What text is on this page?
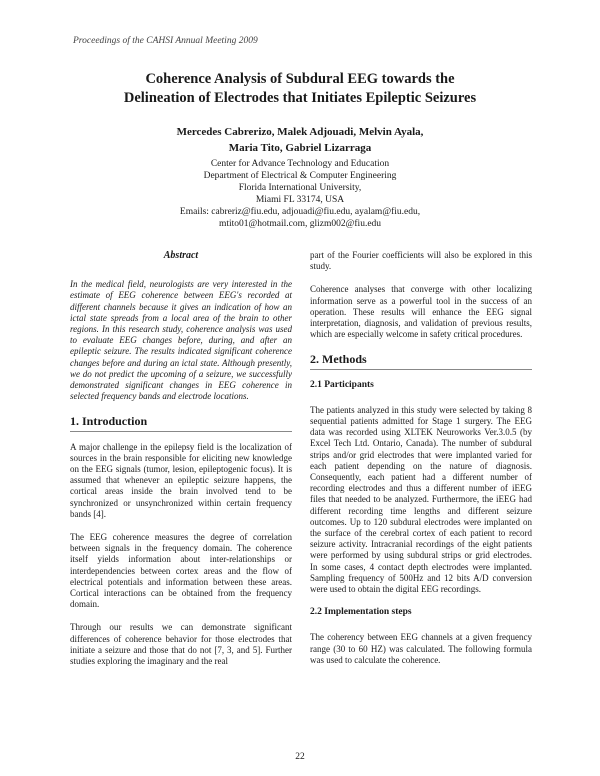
Proceedings of the CAHSI Annual Meeting 2009
Coherence Analysis of Subdural EEG towards the
Delineation of Electrodes that Initiates Epileptic Seizures
Mercedes Cabrerizo, Malek Adjouadi, Melvin Ayala,
Maria Tito, Gabriel Lizarraga
Center for Advance Technology and Education
Department of Electrical & Computer Engineering
Florida International University,
Miami FL 33174, USA
Emails: cabreriz@fiu.edu, adjouadi@fiu.edu, ayalam@fiu.edu,
mtito01@hotmail.com, glizm002@fiu.edu
Abstract

In the medical field, neurologists are very interested in the estimate of EEG coherence between EEG's recorded at different channels because it gives an indication of how an ictal state spreads from a local area of the brain to other regions. In this research study, coherence analysis was used to evaluate EEG changes before, during, and after an epileptic seizure. The results indicated significant coherence changes before and during an ictal state. Although presently, we do not predict the upcoming of a seizure, we successfully demonstrated significant changes in EEG coherence in selected frequency bands and electrode locations.

1. Introduction

A major challenge in the epilepsy field is the localization of sources in the brain responsible for eliciting new knowledge on the EEG signals (tumor, lesion, epileptogenic focus). It is assumed that whenever an epileptic seizure happens, the cortical areas inside the brain involved tend to be synchronized or unsynchronized within certain frequency bands [4].

The EEG coherence measures the degree of correlation between signals in the frequency domain. The coherence itself yields information about inter-relationships or interdependencies between cortex areas and the flow of electrical potentials and information between these areas. Cortical interactions can be obtained from the frequency domain.

Through our results we can demonstrate significant differences of coherence behavior for those electrodes that initiate a seizure and those that do not [7, 3, and 5]. Further studies exploring the imaginary and the real

part of the Fourier coefficients will also be explored in this study.

Coherence analyses that converge with other localizing information serve as a powerful tool in the success of an operation. These results will enhance the EEG signal interpretation, diagnosis, and validation of previous results, which are especially welcome in safety critical procedures.

2. Methods
2.1 Participants

The patients analyzed in this study were selected by taking 8 sequential patients admitted for Stage 1 surgery. The EEG data was recorded using XLTEK Neuroworks Ver.3.0.5 (by Excel Tech Ltd. Ontario, Canada). The number of subdural strips and/or grid electrodes that were implanted varied for each patient depending on the nature of diagnosis. Consequently, each patient had a different number of recording electrodes and thus a different number of iEEG files that needed to be analyzed. Furthermore, the iEEG had different recording time lengths and different seizure outcomes. Up to 120 subdural electrodes were implanted on the surface of the cerebral cortex of each patient to record seizure activity. Intracranial recordings of the eight patients were performed by using subdural strips or grid electrodes. In some cases, 4 contact depth electrodes were implanted. Sampling frequency of 500Hz and 12 bits A/D conversion were used to obtain the digital EEG recordings.

2.2 Implementation steps

The coherency between EEG channels at a given frequency range (30 to 60 HZ) was calculated. The following formula was used to calculate the coherence.

22
